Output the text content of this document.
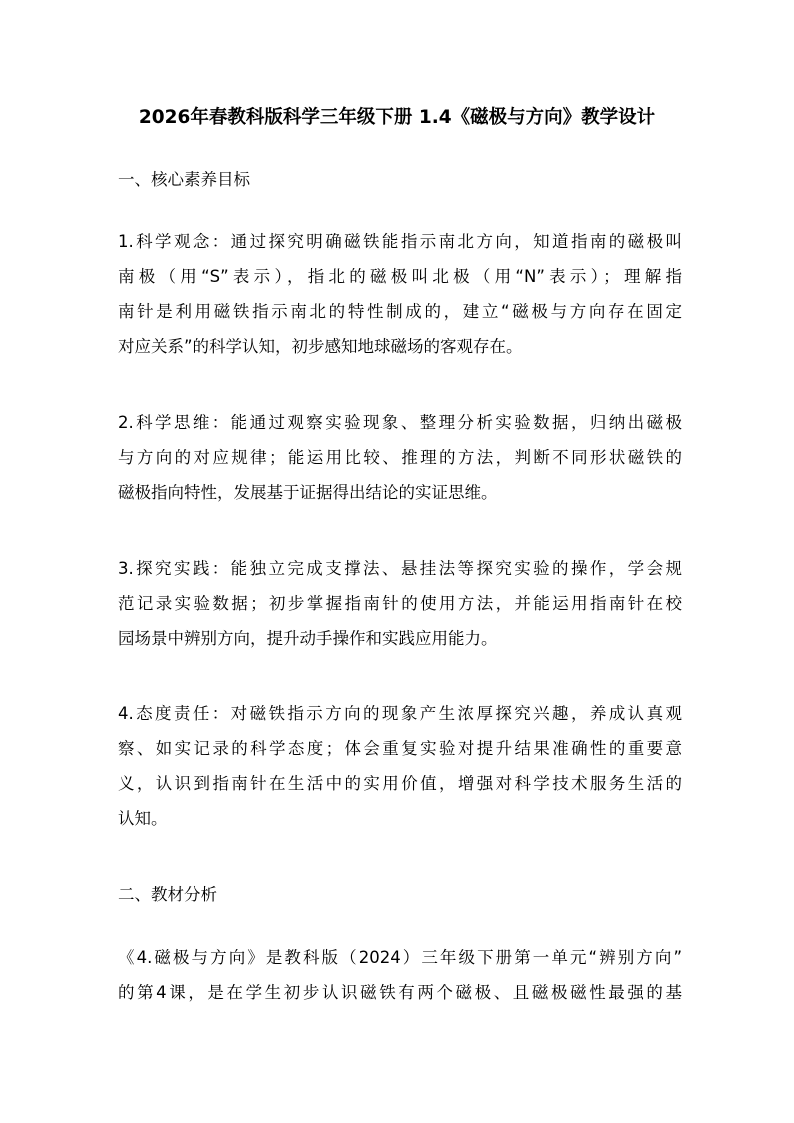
2026年春教科版科学三年级下册 1.4《磁极与方向》教学设计
一、核心素养目标
1.科学观念：通过探究明确磁铁能指示南北方向，知道指南的磁极叫
南极（用“S”表示），指北的磁极叫北极（用“N”表示）；理解指
南针是利用磁铁指示南北的特性制成的，建立“磁极与方向存在固定
对应关系”的科学认知，初步感知地球磁场的客观存在。
2.科学思维：能通过观察实验现象、整理分析实验数据，归纳出磁极
与方向的对应规律；能运用比较、推理的方法，判断不同形状磁铁的
磁极指向特性，发展基于证据得出结论的实证思维。
3.探究实践：能独立完成支撑法、悬挂法等探究实验的操作，学会规
范记录实验数据；初步掌握指南针的使用方法，并能运用指南针在校
园场景中辨别方向，提升动手操作和实践应用能力。
4.态度责任：对磁铁指示方向的现象产生浓厚探究兴趣，养成认真观
察、如实记录的科学态度；体会重复实验对提升结果准确性的重要意
义，认识到指南针在生活中的实用价值，增强对科学技术服务生活的
认知。
二、教材分析
《4.磁极与方向》是教科版（2024）三年级下册第一单元“辨别方向”
的第4课，是在学生初步认识磁铁有两个磁极、且磁极磁性最强的基
